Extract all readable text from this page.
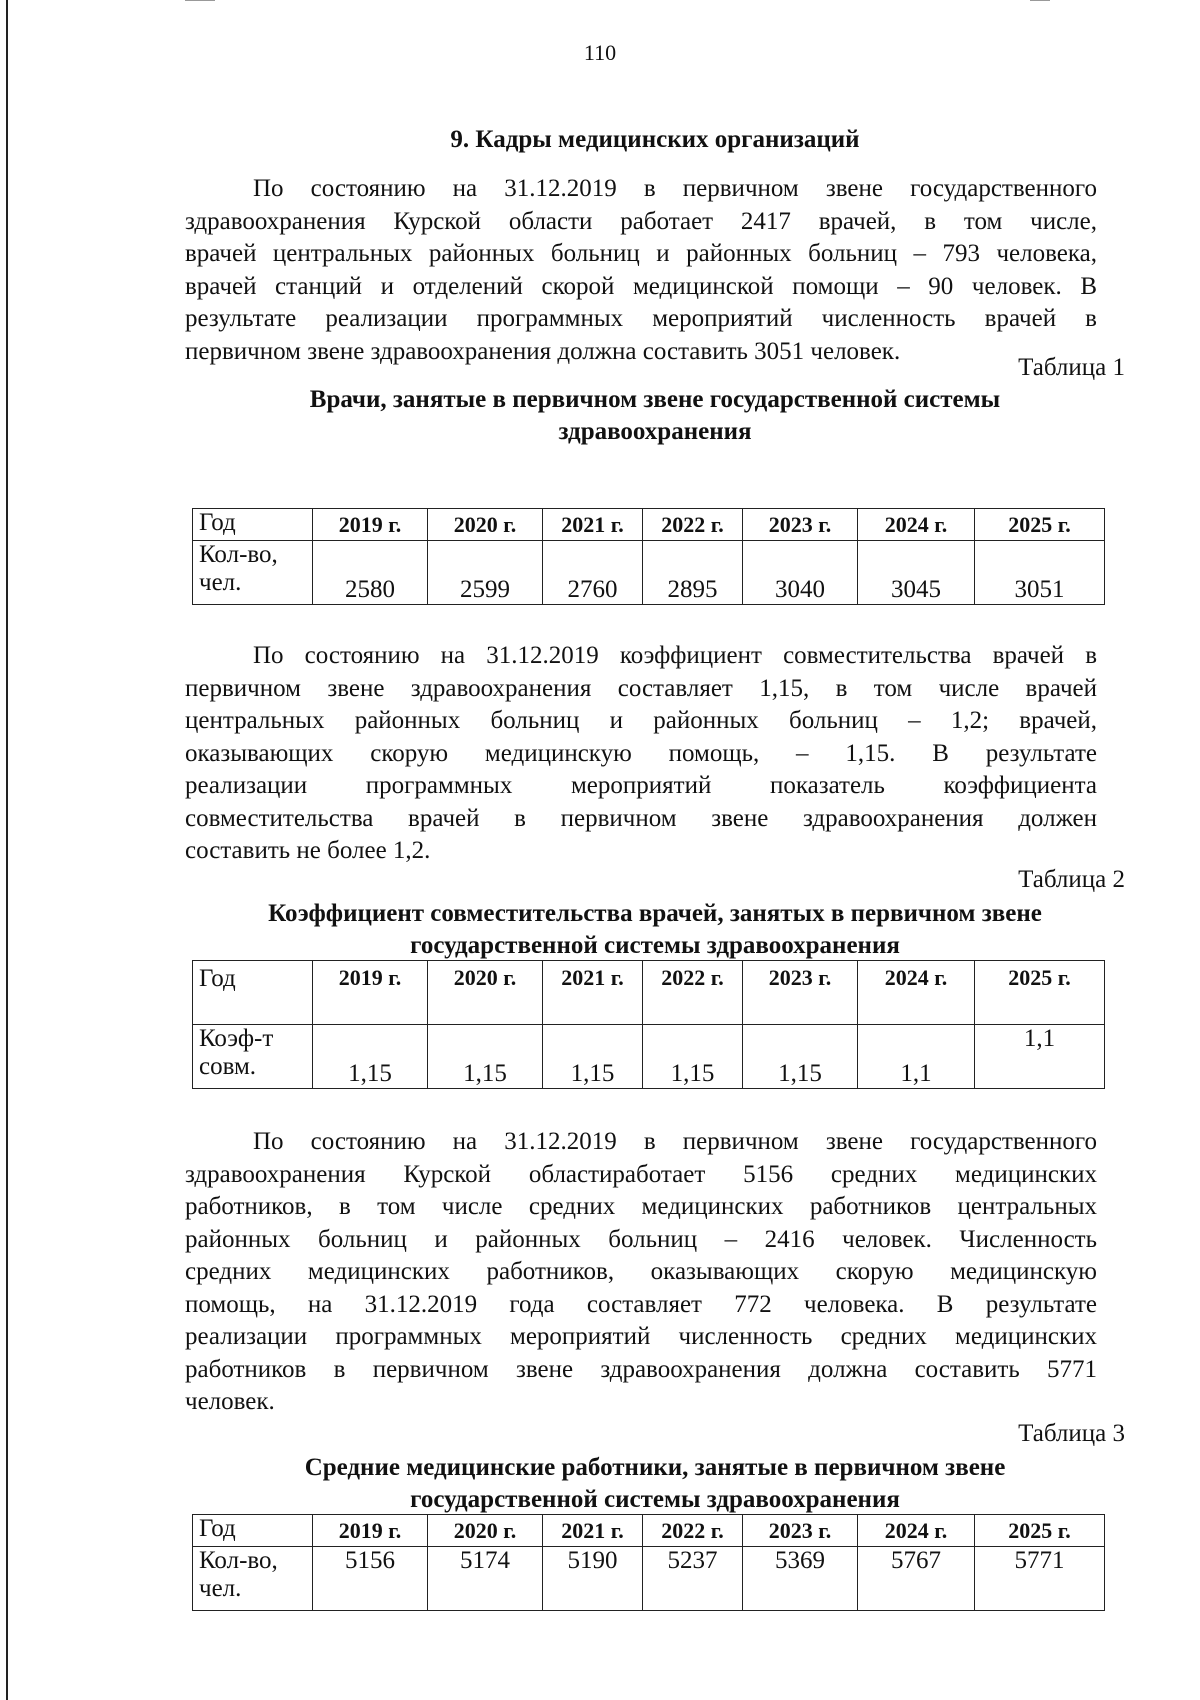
110
9. Кадры медицинских организаций
По состоянию на 31.12.2019 в первичном звене государственного
здравоохранения Курской области работает 2417 врачей, в том числе,
врачей центральных районных больниц и районных больниц – 793 человека,
врачей станций и отделений скорой медицинской помощи – 90 человек. В
результате реализации программных мероприятий численность врачей в
первичном звене здравоохранения должна составить 3051 человек.
Таблица 1
Врачи, занятые в первичном звене государственной системы
здравоохранения
Год	2019 г.	2020 г.	2021 г.	2022 г.	2023 г.	2024 г.	2025 г.

Кол-во,
чел.	2580	2599	2760	2895	3040	3045	3051
По состоянию на 31.12.2019 коэффициент совместительства врачей в
первичном звене здравоохранения составляет 1,15, в том числе врачей
центральных районных больниц и районных больниц – 1,2; врачей,
оказывающих скорую медицинскую помощь, – 1,15. В результате
реализации программных мероприятий показатель коэффициента
совместительства врачей в первичном звене здравоохранения должен
составить не более 1,2.
Таблица 2
Коэффициент совместительства врачей, занятых в первичном звене
государственной системы здравоохранения
Год	2019 г.	2020 г.	2021 г.	2022 г.	2023 г.	2024 г.	2025 г.

Коэф-т
совм.	1,15	1,15	1,15	1,15	1,15	1,1	1,1
По состоянию на 31.12.2019 в первичном звене государственного
здравоохранения Курской областиработает 5156 средних медицинских
работников, в том числе средних медицинских работников центральных
районных больниц и районных больниц – 2416 человек. Численность
средних медицинских работников, оказывающих скорую медицинскую
помощь, на 31.12.2019 года составляет 772 человека. В результате
реализации программных мероприятий численность средних медицинских
работников в первичном звене здравоохранения должна составить 5771
человек.
Таблица 3
Средние медицинские работники, занятые в первичном звене
государственной системы здравоохранения
Год	2019 г.	2020 г.	2021 г.	2022 г.	2023 г.	2024 г.	2025 г.

Кол-во,
чел.	5156	5174	5190	5237	5369	5767	5771
